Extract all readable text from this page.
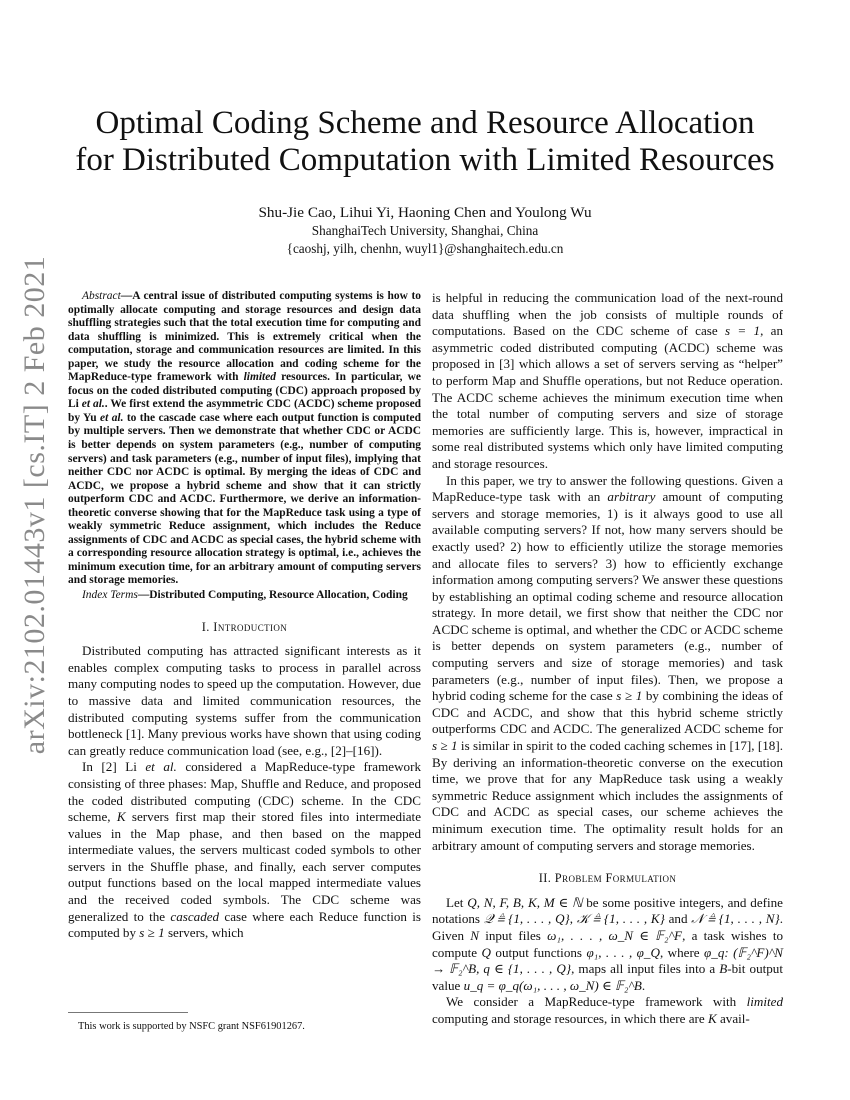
arXiv:2102.01443v1 [cs.IT] 2 Feb 2021
Optimal Coding Scheme and Resource Allocation
for Distributed Computation with Limited Resources
Shu-Jie Cao, Lihui Yi, Haoning Chen and Youlong Wu
ShanghaiTech University, Shanghai, China
{caoshj, yilh, chenhn, wuyl1}@shanghaitech.edu.cn

Abstract—A central issue of distributed computing systems is how to optimally allocate computing and storage resources and design data shuffling strategies such that the total execution time for computing and data shuffling is minimized. This is extremely critical when the computation, storage and communication resources are limited. In this paper, we study the resource allocation and coding scheme for the MapReduce-type framework with limited resources. In particular, we focus on the coded distributed computing (CDC) approach proposed by Li et al.. We first extend the asymmetric CDC (ACDC) scheme proposed by Yu et al. to the cascade case where each output function is computed by multiple servers. Then we demonstrate that whether CDC or ACDC is better depends on system parameters (e.g., number of computing servers) and task parameters (e.g., number of input files), implying that neither CDC nor ACDC is optimal. By merging the ideas of CDC and ACDC, we propose a hybrid scheme and show that it can strictly outperform CDC and ACDC. Furthermore, we derive an information-theoretic converse showing that for the MapReduce task using a type of weakly symmetric Reduce assignment, which includes the Reduce assignments of CDC and ACDC as special cases, the hybrid scheme with a corresponding resource allocation strategy is optimal, i.e., achieves the minimum execution time, for an arbitrary amount of computing servers and storage memories.

Index Terms—Distributed Computing, Resource Allocation, Coding

I. Introduction

Distributed computing has attracted significant interests as it enables complex computing tasks to process in parallel across many computing nodes to speed up the computation. However, due to massive data and limited communication resources, the distributed computing systems suffer from the communication bottleneck [1]. Many previous works have shown that using coding can greatly reduce communication load (see, e.g., [2]–[16]).

In [2] Li et al. considered a MapReduce-type framework consisting of three phases: Map, Shuffle and Reduce, and proposed the coded distributed computing (CDC) scheme. In the CDC scheme, K servers first map their stored files into intermediate values in the Map phase, and then based on the mapped intermediate values, the servers multicast coded symbols to other servers in the Shuffle phase, and finally, each server computes output functions based on the local mapped intermediate values and the received coded symbols. The CDC scheme was generalized to the cascaded case where each Reduce function is computed by s ≥ 1 servers, which

is helpful in reducing the communication load of the next-round data shuffling when the job consists of multiple rounds of computations. Based on the CDC scheme of case s = 1, an asymmetric coded distributed computing (ACDC) scheme was proposed in [3] which allows a set of servers serving as “helper” to perform Map and Shuffle operations, but not Reduce operation. The ACDC scheme achieves the minimum execution time when the total number of computing servers and size of storage memories are sufficiently large. This is, however, impractical in some real distributed systems which only have limited computing and storage resources.

In this paper, we try to answer the following questions. Given a MapReduce-type task with an arbitrary amount of computing servers and storage memories, 1) is it always good to use all available computing servers? If not, how many servers should be exactly used? 2) how to efficiently utilize the storage memories and allocate files to servers? 3) how to efficiently exchange information among computing servers? We answer these questions by establishing an optimal coding scheme and resource allocation strategy. In more detail, we first show that neither the CDC nor ACDC scheme is optimal, and whether the CDC or ACDC scheme is better depends on system parameters (e.g., number of computing servers and size of storage memories) and task parameters (e.g., number of input files). Then, we propose a hybrid coding scheme for the case s ≥ 1 by combining the ideas of CDC and ACDC, and show that this hybrid scheme strictly outperforms CDC and ACDC. The generalized ACDC scheme for s ≥ 1 is similar in spirit to the coded caching schemes in [17], [18]. By deriving an information-theoretic converse on the execution time, we prove that for any MapReduce task using a weakly symmetric Reduce assignment which includes the assignments of CDC and ACDC as special cases, our scheme achieves the minimum execution time. The optimality result holds for an arbitrary amount of computing servers and storage memories.

II. Problem Formulation

Let Q, N, F, B, K, M ∈ ℕ be some positive integers, and define notations 𝒬 ≜ {1, . . . , Q}, 𝒦 ≜ {1, . . . , K} and 𝒩 ≜ {1, . . . , N}. Given N input files ω₁, . . . , ω_N ∈ 𝔽₂^F, a task wishes to compute Q output functions φ₁, . . . , φ_Q, where φ_q: (𝔽₂^F)^N → 𝔽₂^B, q ∈ {1, . . . , Q}, maps all input files into a B-bit output value u_q = φ_q(ω₁, . . . , ω_N) ∈ 𝔽₂^B.

We consider a MapReduce-type framework with limited computing and storage resources, in which there are K avail-

This work is supported by NSFC grant NSF61901267.
